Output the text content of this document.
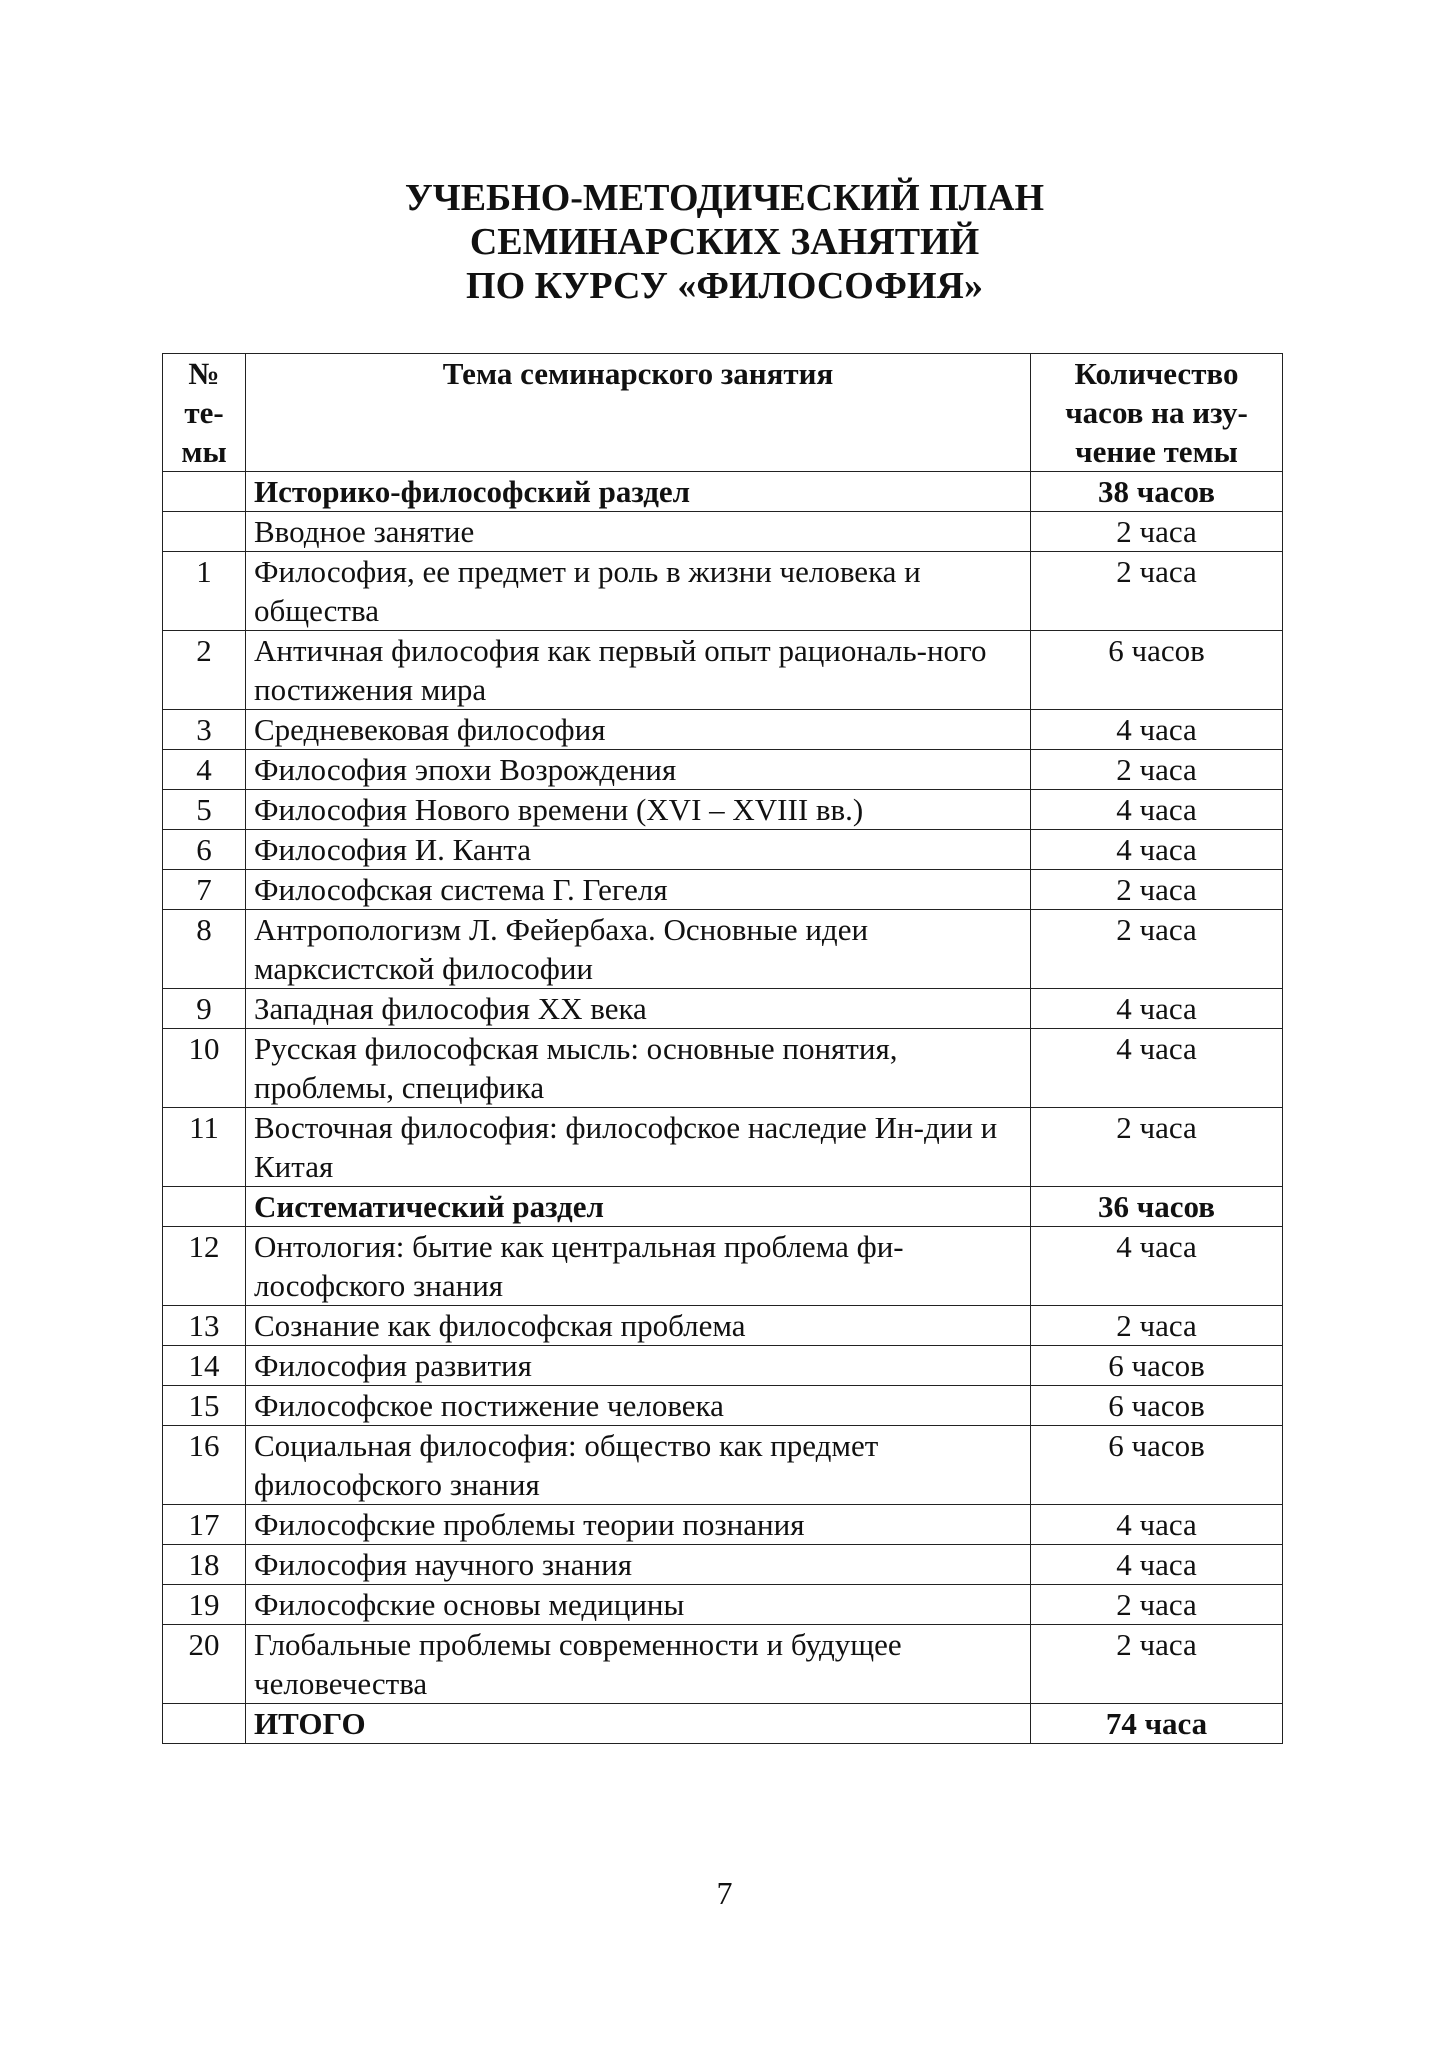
УЧЕБНО-МЕТОДИЧЕСКИЙ ПЛАН
СЕМИНАРСКИХ ЗАНЯТИЙ
ПО КУРСУ «ФИЛОСОФИЯ»
№ те-мы	Тема семинарского занятия	Количество часов на изу-чение темы
	Историко-философский раздел	38 часов
	Вводное занятие	2 часа
1	Философия, ее предмет и роль в жизни человека и общества	2 часа
2	Античная философия как первый опыт рациональ-ного постижения мира	6 часов
3	Средневековая философия	4 часа
4	Философия эпохи Возрождения	2 часа
5	Философия Нового времени (XVI – XVIII вв.)	4 часа
6	Философия И. Канта	4 часа
7	Философская система Г. Гегеля	2 часа
8	Антропологизм Л. Фейербаха. Основные идеи марксистской философии	2 часа
9	Западная философия XX века	4 часа
10	Русская философская мысль: основные понятия, проблемы, специфика	4 часа
11	Восточная философия: философское наследие Ин-дии и Китая	2 часа
	Систематический раздел	36 часов
12	Онтология: бытие как центральная проблема фи-лософского знания	4 часа
13	Сознание как философская проблема	2 часа
14	Философия развития	6 часов
15	Философское постижение человека	6 часов
16	Социальная философия: общество как предмет философского знания	6 часов
17	Философские проблемы теории познания	4 часа
18	Философия научного знания	4 часа
19	Философские основы медицины	2 часа
20	Глобальные проблемы современности и будущее человечества	2 часа
	ИТОГО	74 часа
7
